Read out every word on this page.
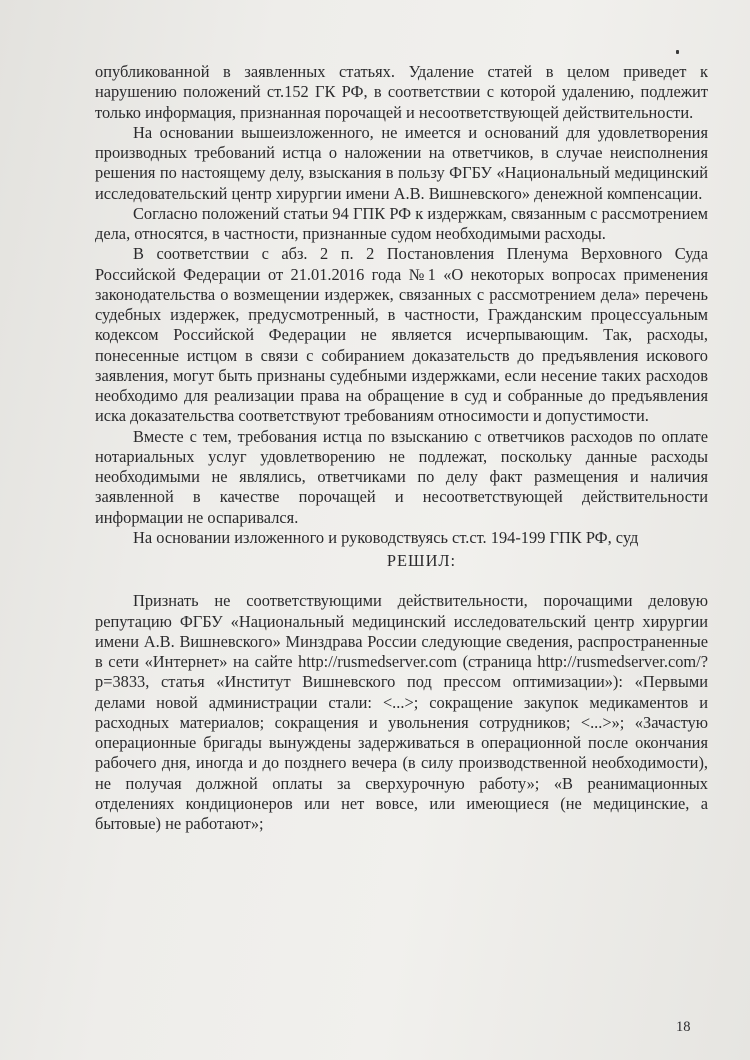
опубликованной в заявленных статьях. Удаление статей в целом приведет к нарушению положений ст.152 ГК РФ, в соответствии с которой удалению, подлежит только информация, признанная порочащей и несоответствующей действительности.

На основании вышеизложенного, не имеется и оснований для удовлетворения производных требований истца о наложении на ответчиков, в случае неисполнения решения по настоящему делу, взыскания в пользу ФГБУ «Национальный медицинский исследовательский центр хирургии имени А.В. Вишневского» денежной компенсации.

Согласно положений статьи 94 ГПК РФ к издержкам, связанным с рассмотрением дела, относятся, в частности, признанные судом необходимыми расходы.

В соответствии с абз. 2 п. 2 Постановления Пленума Верховного Суда Российской Федерации от 21.01.2016 года №1 «О некоторых вопросах применения законодательства о возмещении издержек, связанных с рассмотрением дела» перечень судебных издержек, предусмотренный, в частности, Гражданским процессуальным кодексом Российской Федерации не является исчерпывающим. Так, расходы, понесенные истцом в связи с собиранием доказательств до предъявления искового заявления, могут быть признаны судебными издержками, если несение таких расходов необходимо для реализации права на обращение в суд и собранные до предъявления иска доказательства соответствуют требованиям относимости и допустимости.

Вместе с тем, требования истца по взысканию с ответчиков расходов по оплате нотариальных услуг удовлетворению не подлежат, поскольку данные расходы необходимыми не являлись, ответчиками по делу факт размещения и наличия заявленной в качестве порочащей и несоответствующей действительности информации не оспаривался.

На основании изложенного и руководствуясь ст.ст. 194-199 ГПК РФ, суд

РЕШИЛ:

Признать не соответствующими действительности, порочащими деловую репутацию ФГБУ «Национальный медицинский исследовательский центр хирургии имени А.В. Вишневского» Минздрава России следующие сведения, распространенные в сети «Интернет» на сайте http://rusmedserver.com (страница http://rusmedserver.com/?p=3833, статья «Институт Вишневского под прессом оптимизации»): «Первыми делами новой администрации стали: <...>; сокращение закупок медикаментов и расходных материалов; сокращения и увольнения сотрудников; <...>»; «Зачастую операционные бригады вынуждены задерживаться в операционной после окончания рабочего дня, иногда и до позднего вечера (в силу производственной необходимости), не получая должной оплаты за сверхурочную работу»; «В реанимационных отделениях кондиционеров или нет вовсе, или имеющиеся (не медицинские, а бытовые) не работают»;

18
